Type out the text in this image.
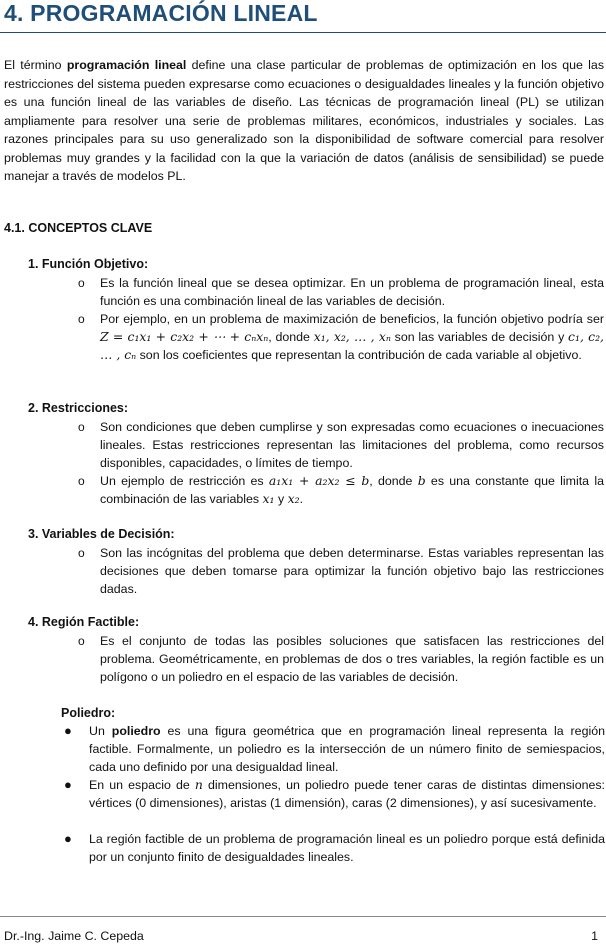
4. PROGRAMACIÓN LINEAL
El término programación lineal define una clase particular de problemas de optimización en los que las restricciones del sistema pueden expresarse como ecuaciones o desigualdades lineales y la función objetivo es una función lineal de las variables de diseño. Las técnicas de programación lineal (PL) se utilizan ampliamente para resolver una serie de problemas militares, económicos, industriales y sociales. Las razones principales para su uso generalizado son la disponibilidad de software comercial para resolver problemas muy grandes y la facilidad con la que la variación de datos (análisis de sensibilidad) se puede manejar a través de modelos PL.
4.1. CONCEPTOS CLAVE
1. Función Objetivo:
o Es la función lineal que se desea optimizar. En un problema de programación lineal, esta función es una combinación lineal de las variables de decisión.
o Por ejemplo, en un problema de maximización de beneficios, la función objetivo podría ser Z = c₁x₁ + c₂x₂ + ⋯ + cₙxₙ, donde x₁, x₂, … , xₙ son las variables de decisión y c₁, c₂, … , cₙ son los coeficientes que representan la contribución de cada variable al objetivo.
2. Restricciones:
o Son condiciones que deben cumplirse y son expresadas como ecuaciones o inecuaciones lineales. Estas restricciones representan las limitaciones del problema, como recursos disponibles, capacidades, o límites de tiempo.
o Un ejemplo de restricción es a₁x₁ + a₂x₂ ≤ b, donde b es una constante que limita la combinación de las variables x₁ y x₂.
3. Variables de Decisión:
o Son las incógnitas del problema que deben determinarse. Estas variables representan las decisiones que deben tomarse para optimizar la función objetivo bajo las restricciones dadas.
4. Región Factible:
o Es el conjunto de todas las posibles soluciones que satisfacen las restricciones del problema. Geométricamente, en problemas de dos o tres variables, la región factible es un polígono o un poliedro en el espacio de las variables de decisión.
Poliedro:
● Un poliedro es una figura geométrica que en programación lineal representa la región factible. Formalmente, un poliedro es la intersección de un número finito de semiespacios, cada uno definido por una desigualdad lineal.
● En un espacio de n dimensiones, un poliedro puede tener caras de distintas dimensiones: vértices (0 dimensiones), aristas (1 dimensión), caras (2 dimensiones), y así sucesivamente.
● La región factible de un problema de programación lineal es un poliedro porque está definida por un conjunto finito de desigualdades lineales.
Dr.-Ing. Jaime C. Cepeda	1
